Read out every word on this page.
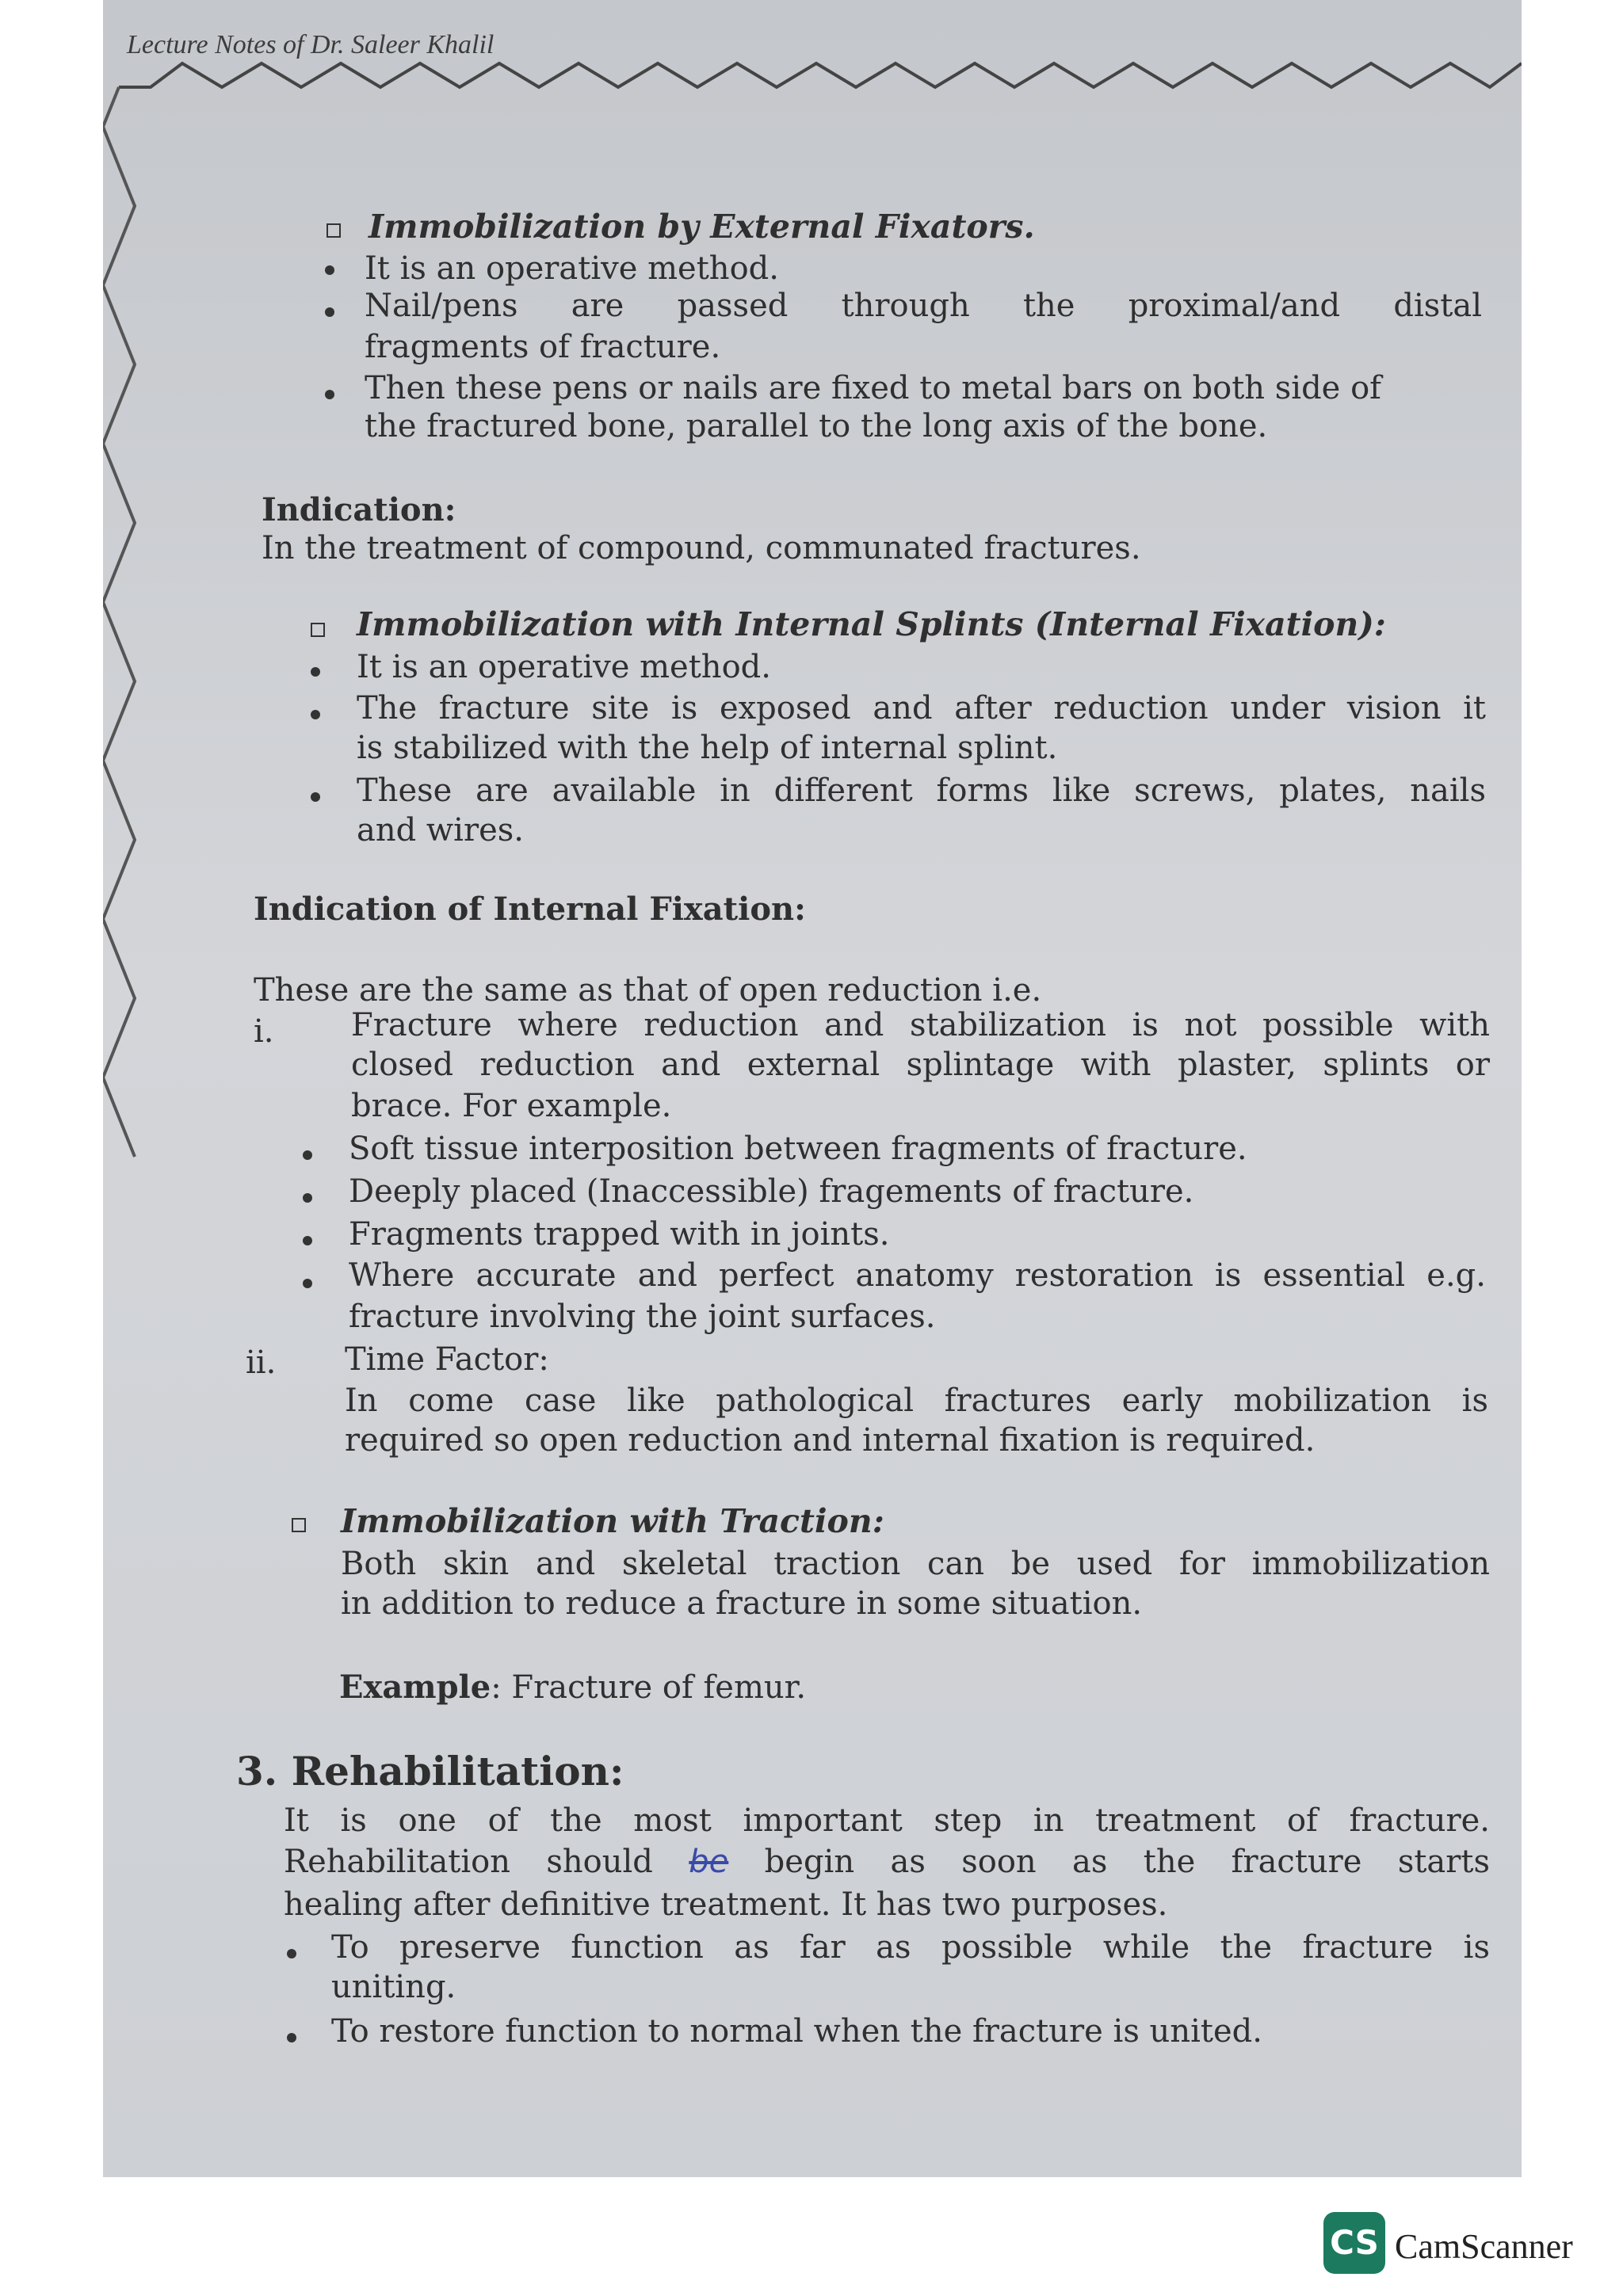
Lecture Notes of Dr. Saleer Khalil
Immobilization by External Fixators.
It is an operative method.
Nail/pens are passed through the proximal/and distal
fragments of fracture.
Then these pens or nails are fixed to metal bars on both side of
the fractured bone, parallel to the long axis of the bone.
Indication:
In the treatment of compound, communated fractures.
Immobilization with Internal Splints (Internal Fixation):
It is an operative method.
The fracture site is exposed and after reduction under vision it
is stabilized with the help of internal splint.
These are available in different forms like screws, plates, nails
and wires.
Indication of Internal Fixation:
These are the same as that of open reduction i.e.
i. Fracture where reduction and stabilization is not possible with
closed reduction and external splintage with plaster, splints or
brace. For example.
Soft tissue interposition between fragments of fracture.
Deeply placed (Inaccessible) fragements of fracture.
Fragments trapped with in joints.
Where accurate and perfect anatomy restoration is essential e.g.
fracture involving the joint surfaces.
ii. Time Factor:
In come case like pathological fractures early mobilization is
required so open reduction and internal fixation is required.
Immobilization with Traction:
Both skin and skeletal traction can be used for immobilization
in addition to reduce a fracture in some situation.
Example: Fracture of femur.
3. Rehabilitation:
It is one of the most important step in treatment of fracture.
Rehabilitation should be begin as soon as the fracture starts
healing after definitive treatment. It has two purposes.
To preserve function as far as possible while the fracture is
uniting.
To restore function to normal when the fracture is united.
CS CamScanner
